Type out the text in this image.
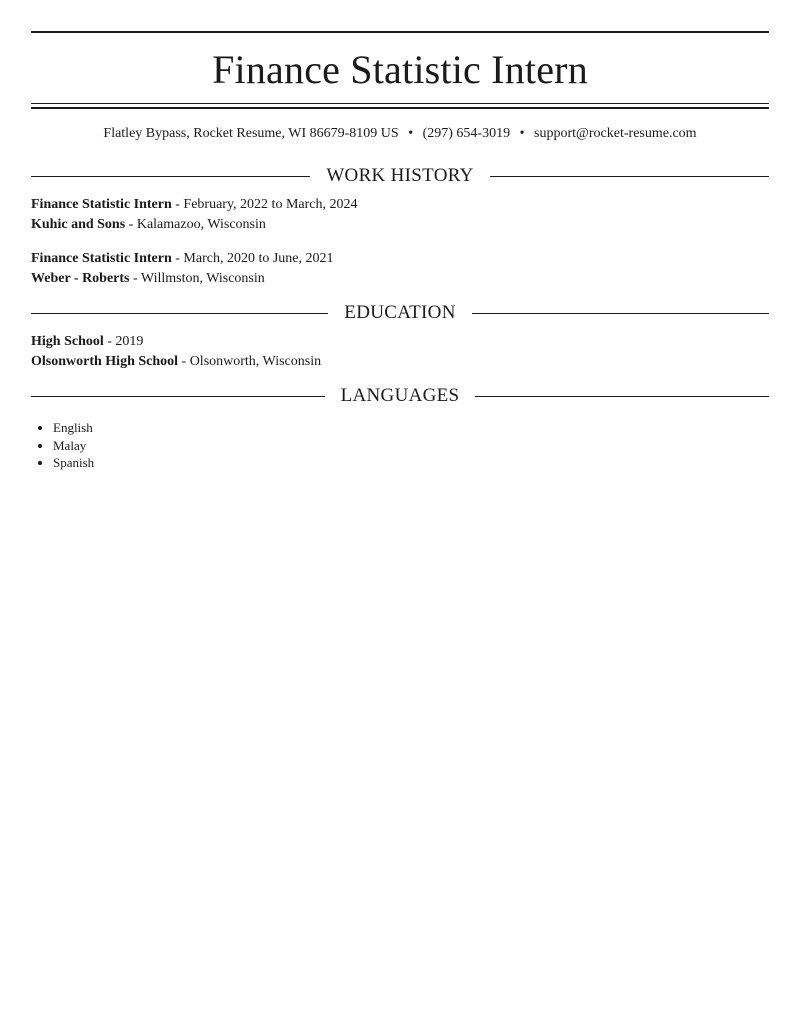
Finance Statistic Intern
Flatley Bypass, Rocket Resume, WI 86679-8109 US • (297) 654-3019 • support@rocket-resume.com
WORK HISTORY
Finance Statistic Intern - February, 2022 to March, 2024
Kuhic and Sons - Kalamazoo, Wisconsin
Finance Statistic Intern - March, 2020 to June, 2021
Weber - Roberts - Willmston, Wisconsin
EDUCATION
High School - 2019
Olsonworth High School - Olsonworth, Wisconsin
LANGUAGES
• English
• Malay
• Spanish
